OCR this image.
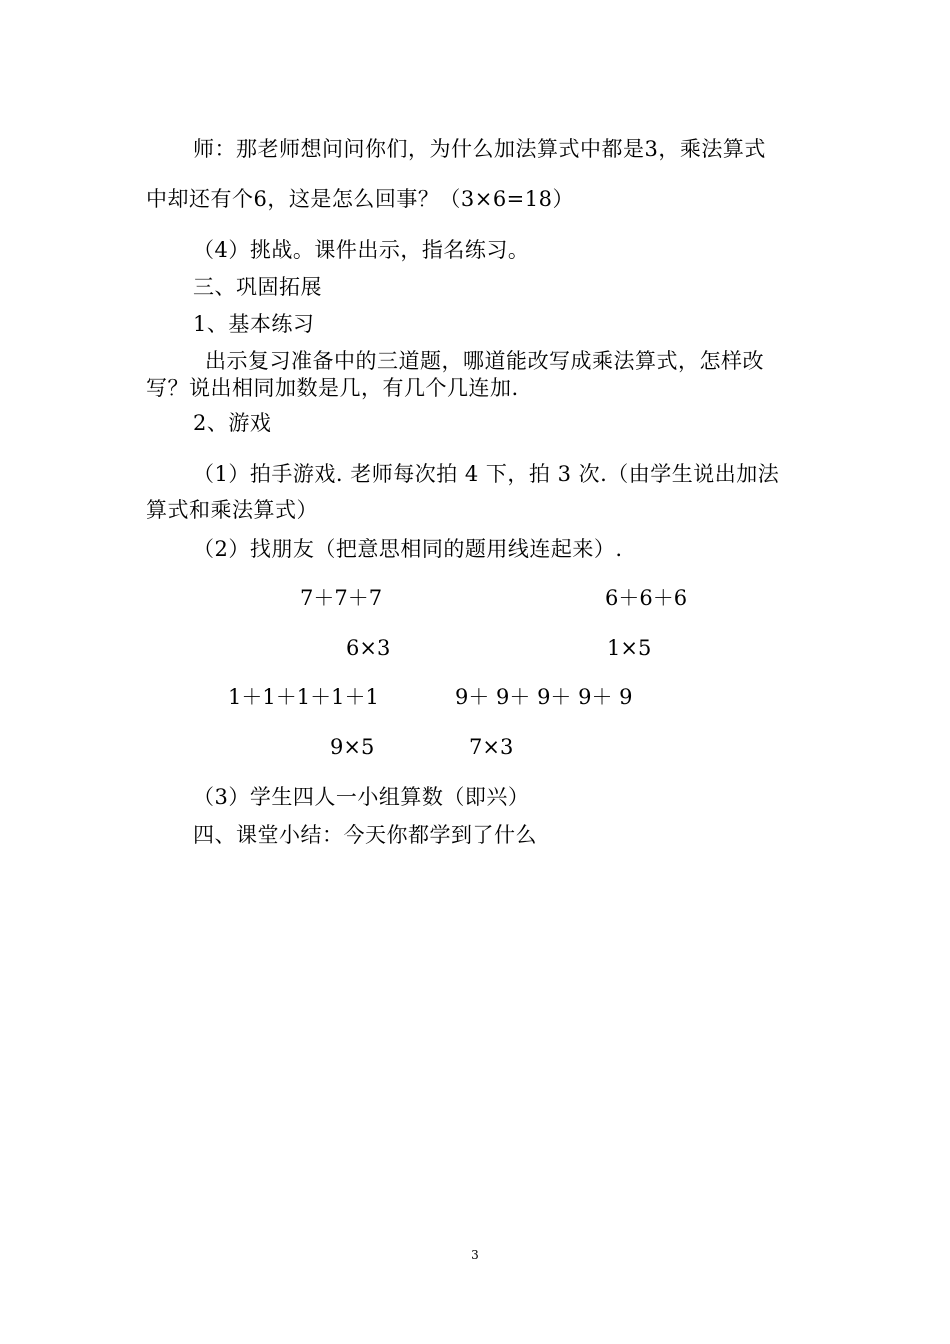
师：那老师想问问你们，为什么加法算式中都是3，乘法算式
中却还有个6，这是怎么回事？（3×6=18）
（4）挑战。课件出示，指名练习。
三、巩固拓展
1、基本练习
出示复习准备中的三道题，哪道能改写成乘法算式，怎样改
写？说出相同加数是几，有几个几连加.
2、游戏
（1）拍手游戏. 老师每次拍 4 下，拍 3 次.（由学生说出加法
算式和乘法算式）
（2）找朋友（把意思相同的题用线连起来）.
7＋7＋7	6＋6＋6
6×3	1×5
1＋1＋1＋1＋1	9＋ 9＋ 9＋ 9＋ 9
9×5	7×3
（3）学生四人一小组算数（即兴）
四、课堂小结：今天你都学到了什么
3
